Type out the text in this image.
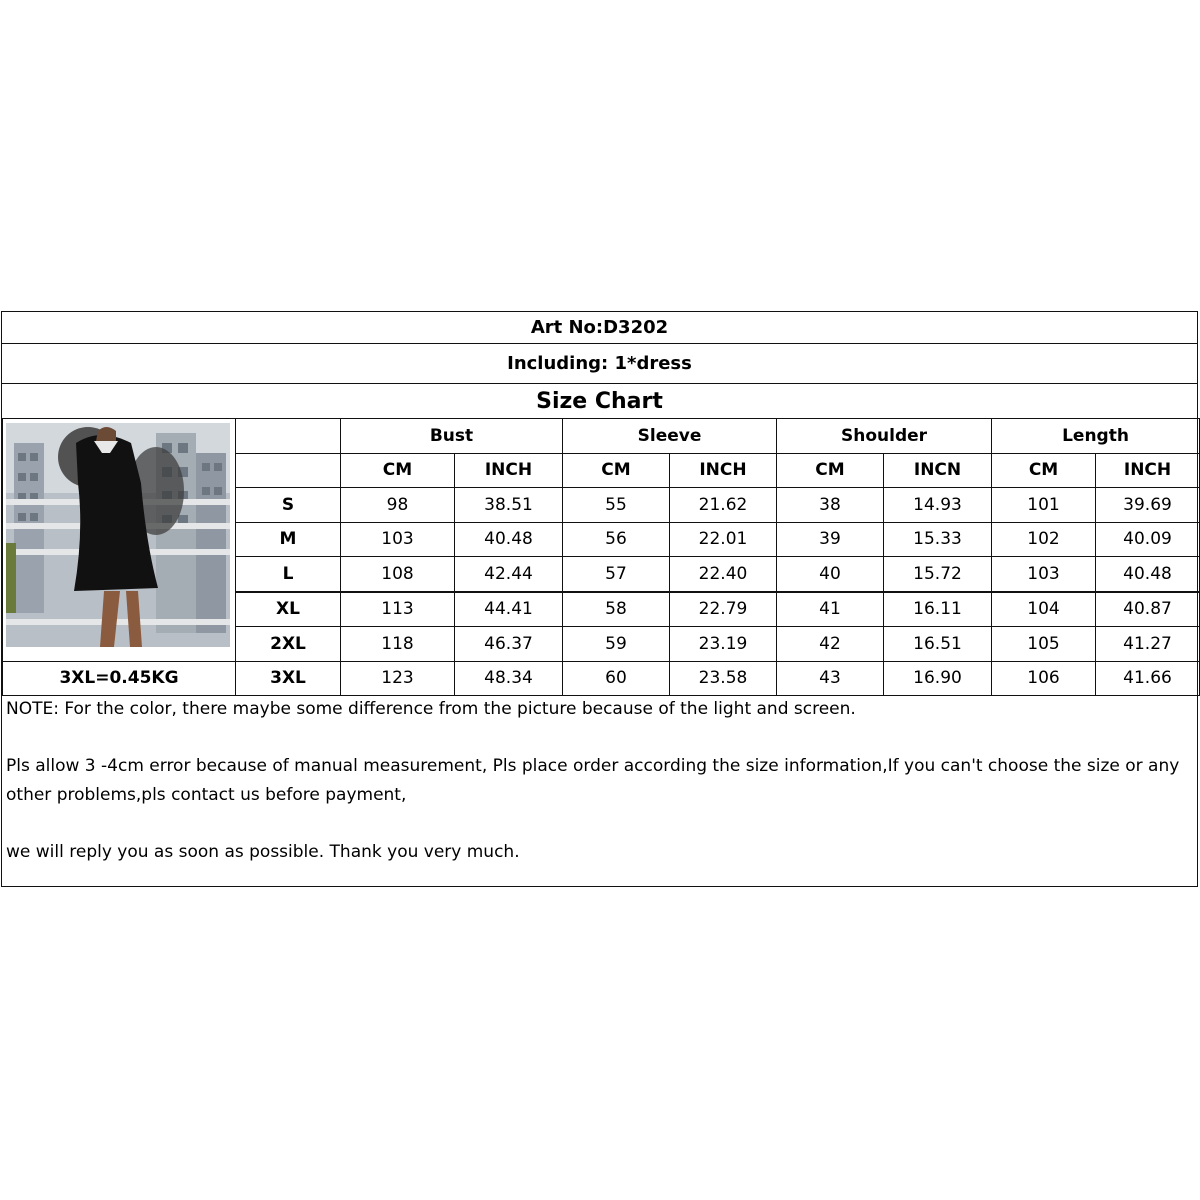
Art No:D3202
Including: 1*dress
Size Chart
		Bust		Sleeve		Shoulder		Length	
		CM	INCH	CM	INCH	CM	INCN	CM	INCH
	S	98	38.51	55	21.62	38	14.93	101	39.69
	M	103	40.48	56	22.01	39	15.33	102	40.09
	L	108	42.44	57	22.40	40	15.72	103	40.48
	XL	113	44.41	58	22.79	41	16.11	104	40.87
	2XL	118	46.37	59	23.19	42	16.51	105	41.27
3XL=0.45KG	3XL	123	48.34	60	23.58	43	16.90	106	41.66

NOTE: For the color, there maybe some difference from the picture because of the light and screen.

Pls allow 3 -4cm error because of manual measurement, Pls place order according the size information,If you can't choose the size or any other problems,pls contact us before payment,

we will reply you as soon as possible. Thank you very much.
